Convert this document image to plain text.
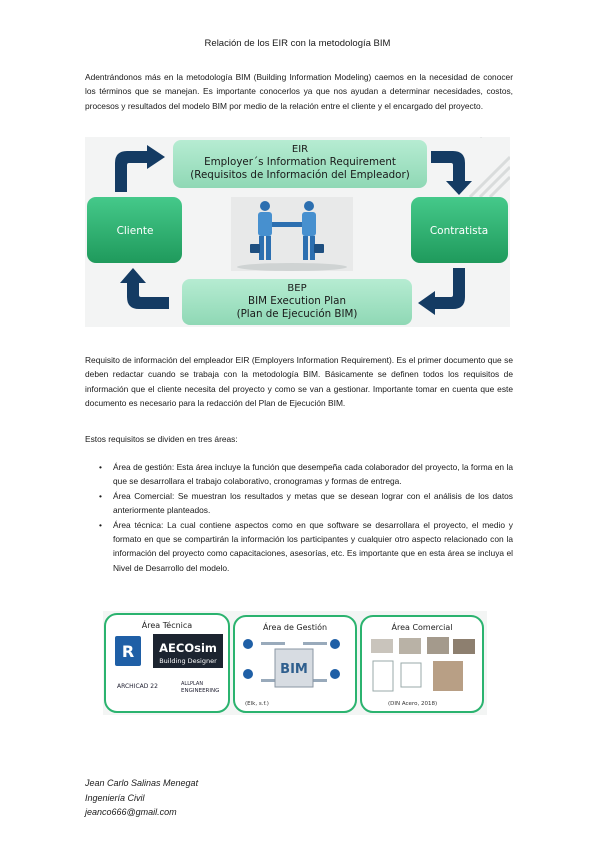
Relación de los EIR con la metodología BIM

Adentrándonos más en la metodología BIM (Building Information Modeling) caemos en la necesidad de conocer los términos que se manejan. Es importante conocerlos ya que nos ayudan a determinar necesidades, costos, procesos y resultados del modelo BIM por medio de la relación entre el cliente y el encargado del proyecto.

EIR
Employer´s Information Requirement
(Requisitos de Información del Empleador)
BEP
BIM Execution Plan
(Plan de Ejecución BIM)
Cliente	Contratista

Requisito de información del empleador EIR (Employers Information Requirement). Es el primer documento que se deben redactar cuando se trabaja con la metodología BIM. Básicamente se definen todos los requisitos de información que el cliente necesita del proyecto y como se van a gestionar. Importante tomar en cuenta que este documento es necesario para la redacción del Plan de Ejecución BIM.

Estos requisitos se dividen en tres áreas:

• Área de gestión: Esta área incluye la función que desempeña cada colaborador del proyecto, la forma en la que se desarrollara el trabajo colaborativo, cronogramas y formas de entrega.
• Área Comercial: Se muestran los resultados y metas que se desean lograr con el análisis de los datos anteriormente planteados.
• Área técnica: La cual contiene aspectos como en que software se desarrollara el proyecto, el medio y formato en que se compartirán la información los participantes y cualquier otro aspecto relacionado con la información del proyecto como capacitaciones, asesorías, etc. Es importante que en esta área se incluya el Nivel de Desarrollo del modelo.
Área Técnica
R AECOsim
Building Designer
ARCHICAD 22	ALLPLAN
ENGINEERING
Área de Gestión
BIM
(Elk, s.f.)
Área Comercial
(DIN Acero, 2018)
Jean Carlo Salinas Menegat
Ingeniería Civil
jeanco666@gmail.com
